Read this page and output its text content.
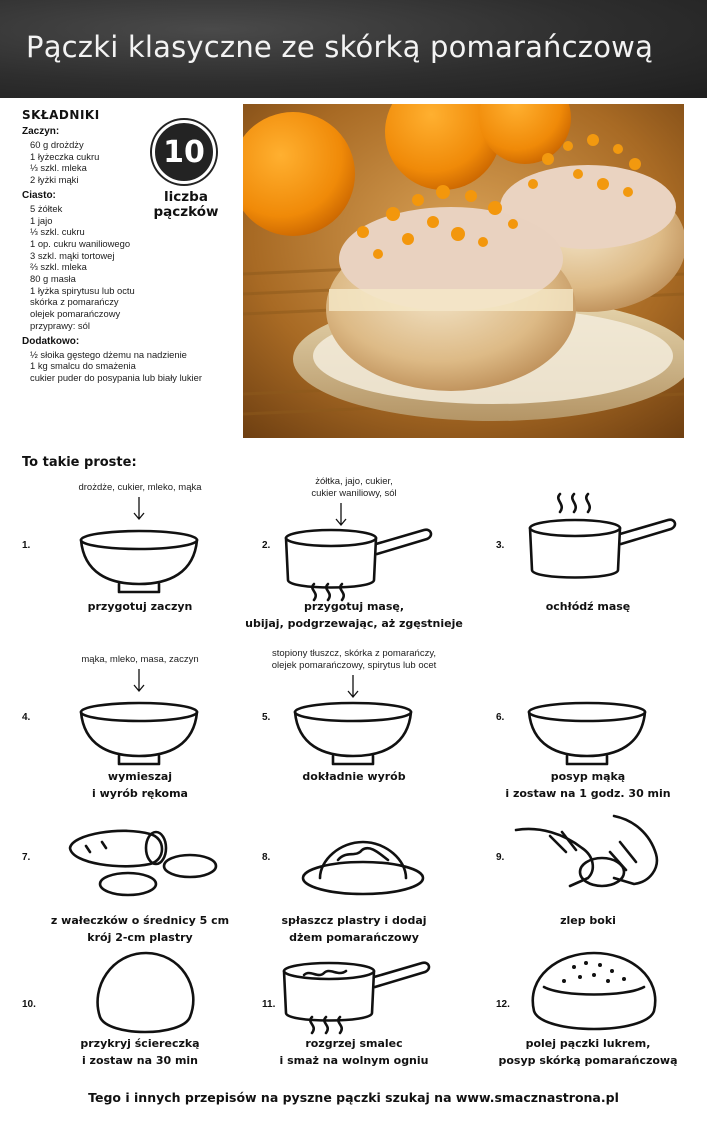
Pączki klasyczne ze skórką pomarańczową
SKŁADNIKI
Zaczyn:
60 g drożdży
1 łyżeczka cukru
⅓ szkl. mleka
2 łyżki mąki
Ciasto:
5 żółtek
1 jajo
⅓ szkl. cukru
1 op. cukru waniliowego
3 szkl. mąki tortowej
⅔ szkl. mleka
80 g masła
1 łyżka spirytusu lub octu
skórka z pomarańczy
olejek pomarańczowy
przyprawy: sól
Dodatkowo:
½ słoika gęstego dżemu na nadzienie
1 kg smalcu do smażenia
cukier puder do posypania lub biały lukier
10
liczba
pączków
To takie proste:
1.
drożdże, cukier, mleko, mąka
przygotuj zaczyn
2.
żółtka, jajo, cukier,
cukier waniliowy, sól
przygotuj masę,
ubijaj, podgrzewając, aż zgęstnieje
3.
ochłódź masę
4.
mąka, mleko, masa, zaczyn
wymieszaj
i wyrób rękoma
5.
stopiony tłuszcz, skórka z pomarańczy,
olejek pomarańczowy, spirytus lub ocet
dokładnie wyrób
6.
posyp mąką
i zostaw na 1 godz. 30 min
7.
z wałeczków o średnicy 5 cm
krój 2-cm plastry
8.
spłaszcz plastry i dodaj
dżem pomarańczowy
9.
zlep boki
10.
przykryj ściereczką
i zostaw na 30 min
11.
rozgrzej smalec
i smaż na wolnym ogniu
12.
polej pączki lukrem,
posyp skórką pomarańczową
Tego i innych przepisów na pyszne pączki szukaj na www.smacznastrona.pl
